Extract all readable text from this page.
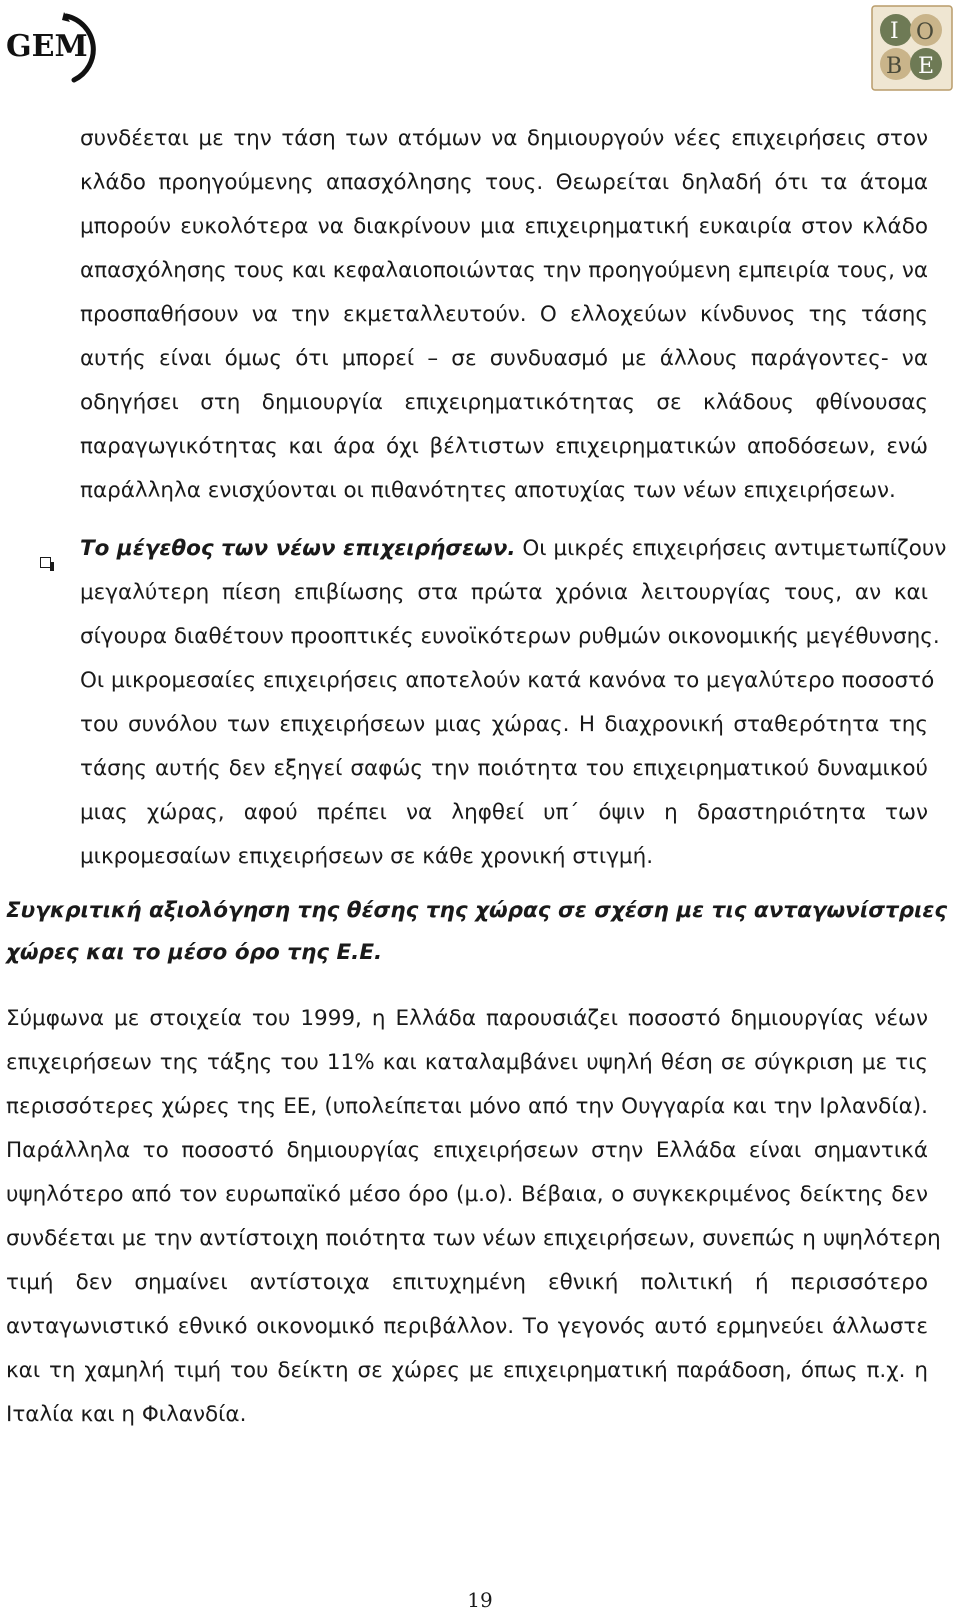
GEM	I O
B E
συνδέεται με την τάση των ατόμων να δημιουργούν νέες επιχειρήσεις στον
κλάδο προηγούμενης απασχόλησης τους. Θεωρείται δηλαδή ότι τα άτομα
μπορούν ευκολότερα να διακρίνουν μια επιχειρηματική ευκαιρία στον κλάδο
απασχόλησης τους και κεφαλαιοποιώντας την προηγούμενη εμπειρία τους, να
προσπαθήσουν να την εκμεταλλευτούν. Ο ελλοχεύων κίνδυνος της τάσης
αυτής είναι όμως ότι μπορεί – σε συνδυασμό με άλλους παράγοντες- να
οδηγήσει στη δημιουργία επιχειρηματικότητας σε κλάδους φθίνουσας
παραγωγικότητας και άρα όχι βέλτιστων επιχειρηματικών αποδόσεων, ενώ
παράλληλα ενισχύονται οι πιθανότητες αποτυχίας των νέων επιχειρήσεων.
Το μέγεθος των νέων επιχειρήσεων. Οι μικρές επιχειρήσεις αντιμετωπίζουν
μεγαλύτερη πίεση επιβίωσης στα πρώτα χρόνια λειτουργίας τους, αν και
σίγουρα διαθέτουν προοπτικές ευνοϊκότερων ρυθμών οικονομικής μεγέθυνσης.
Οι μικρομεσαίες επιχειρήσεις αποτελούν κατά κανόνα το μεγαλύτερο ποσοστό
του συνόλου των επιχειρήσεων μιας χώρας. Η διαχρονική σταθερότητα της
τάσης αυτής δεν εξηγεί σαφώς την ποιότητα του επιχειρηματικού δυναμικού
μιας χώρας, αφού πρέπει να ληφθεί υπ΄ όψιν η δραστηριότητα των
μικρομεσαίων επιχειρήσεων σε κάθε χρονική στιγμή.
Συγκριτική αξιολόγηση της θέσης της χώρας σε σχέση με τις ανταγωνίστριες
χώρες και το μέσο όρο της Ε.Ε.
Σύμφωνα με στοιχεία του 1999, η Ελλάδα παρουσιάζει ποσοστό δημιουργίας νέων
επιχειρήσεων της τάξης του 11% και καταλαμβάνει υψηλή θέση σε σύγκριση με τις
περισσότερες χώρες της ΕΕ, (υπολείπεται μόνο από την Ουγγαρία και την Ιρλανδία).
Παράλληλα το ποσοστό δημιουργίας επιχειρήσεων στην Ελλάδα είναι σημαντικά
υψηλότερο από τον ευρωπαϊκό μέσο όρο (μ.ο). Βέβαια, ο συγκεκριμένος δείκτης δεν
συνδέεται με την αντίστοιχη ποιότητα των νέων επιχειρήσεων, συνεπώς η υψηλότερη
τιμή δεν σημαίνει αντίστοιχα επιτυχημένη εθνική πολιτική ή περισσότερο
ανταγωνιστικό εθνικό οικονομικό περιβάλλον. Το γεγονός αυτό ερμηνεύει άλλωστε
και τη χαμηλή τιμή του δείκτη σε χώρες με επιχειρηματική παράδοση, όπως π.χ. η
Ιταλία και η Φιλανδία.
19
